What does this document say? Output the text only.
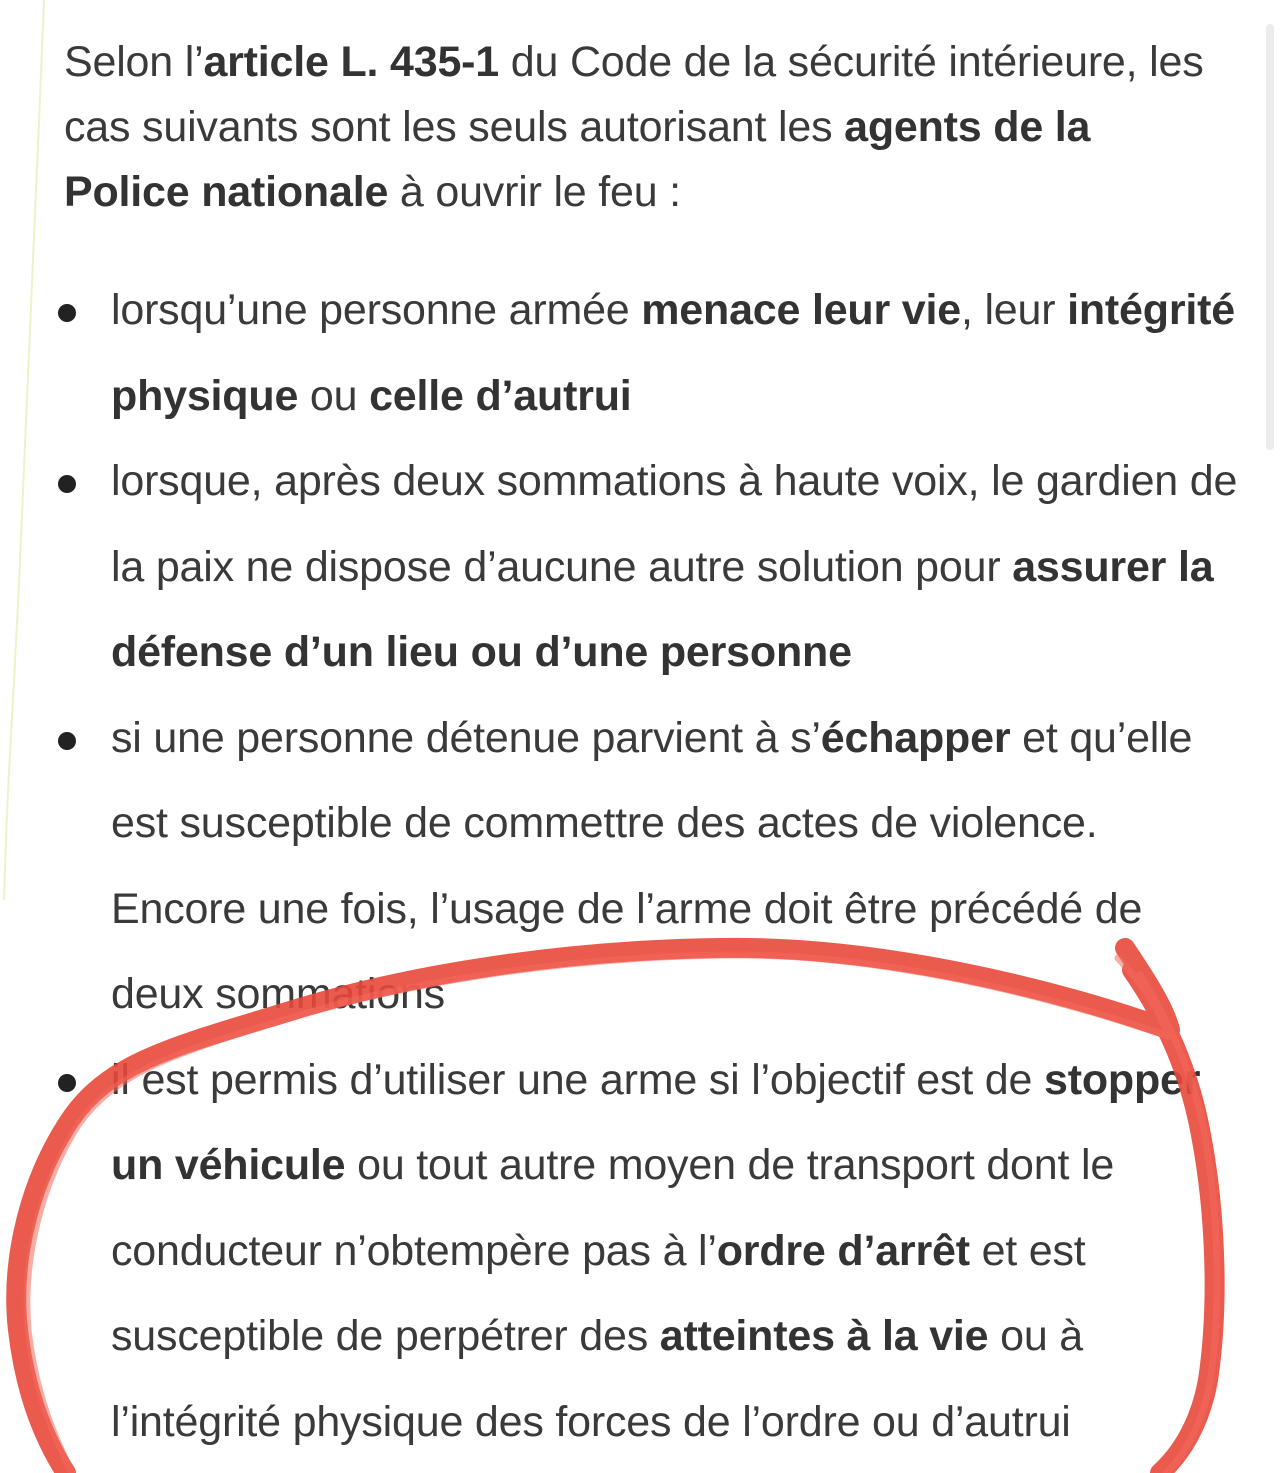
Selon l’article L. 435-1 du Code de la sécurité intérieure, les cas suivants sont les seuls autorisant les agents de la Police nationale à ouvrir le feu :

lorsqu’une personne armée menace leur vie, leur intégrité physique ou celle d’autrui
lorsque, après deux sommations à haute voix, le gardien de la paix ne dispose d’aucune autre solution pour assurer la défense d’un lieu ou d’une personne
si une personne détenue parvient à s’échapper et qu’elle est susceptible de commettre des actes de violence. Encore une fois, l’usage de l’arme doit être précédé de deux sommations
il est permis d’utiliser une arme si l’objectif est de stopper un véhicule ou tout autre moyen de transport dont le conducteur n’obtempère pas à l’ordre d’arrêt et est susceptible de perpétrer des atteintes à la vie ou à l’intégrité physique des forces de l’ordre ou d’autrui
